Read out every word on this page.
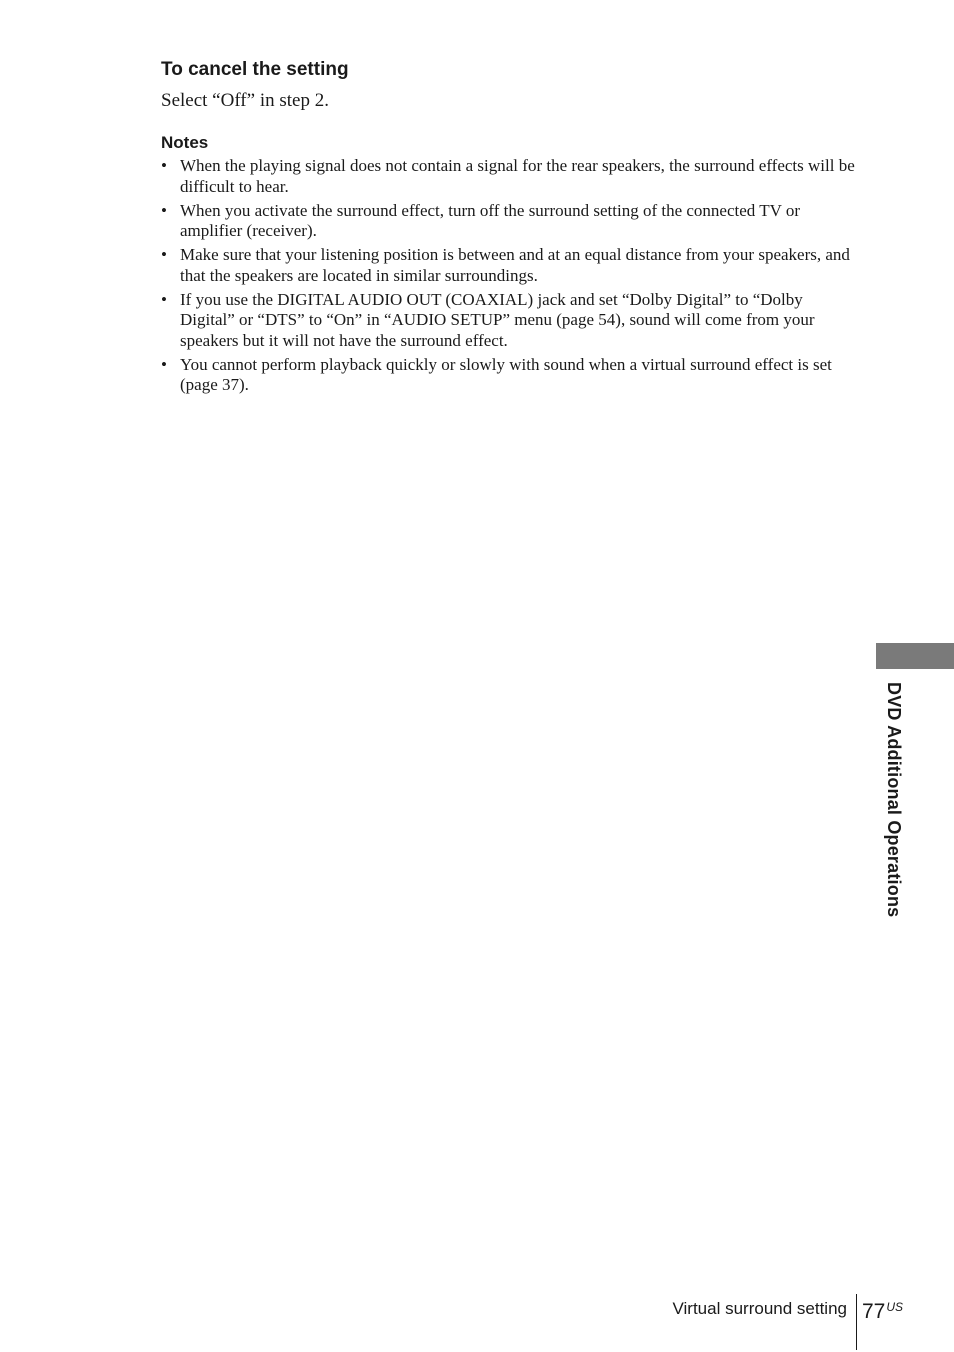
To cancel the setting

Select “Off” in step 2.

Notes
• When the playing signal does not contain a signal for the rear speakers, the surround effects will be difficult to hear.
• When you activate the surround effect, turn off the surround setting of the connected TV or amplifier (receiver).
• Make sure that your listening position is between and at an equal distance from your speakers, and that the speakers are located in similar surroundings.
• If you use the DIGITAL AUDIO OUT (COAXIAL) jack and set “Dolby Digital” to “Dolby Digital” or “DTS” to “On” in “AUDIO SETUP” menu (page 54), sound will come from your speakers but it will not have the surround effect.
• You cannot perform playback quickly or slowly with sound when a virtual surround effect is set (page 37).
DVD Additional Operations
Virtual surround setting $77^{US}$
